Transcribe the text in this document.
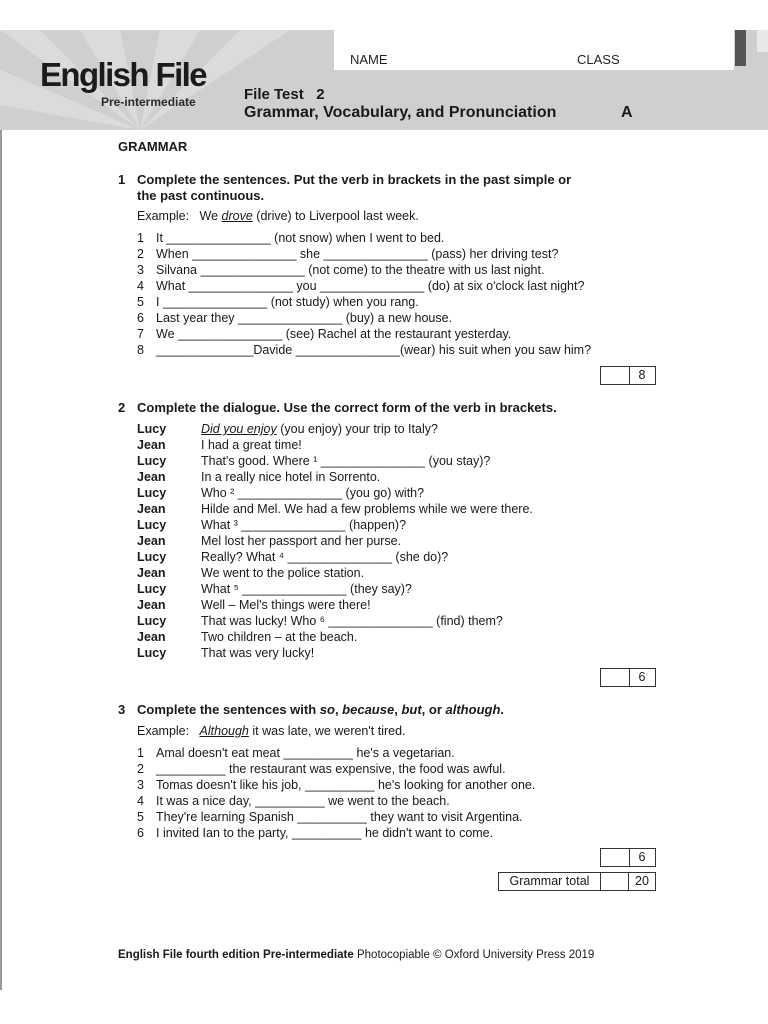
English File
Pre-intermediate
NAME	CLASS
File Test   2
Grammar, Vocabulary, and Pronunciation	A
GRAMMAR
1 Complete the sentences. Put the verb in brackets in the past simple or
the past continuous.
Example:   We drove (drive) to Liverpool last week.
1 It _______________ (not snow) when I went to bed.
2 When _______________ she _______________ (pass) her driving test?
3 Silvana _______________ (not come) to the theatre with us last night.
4 What _______________ you _______________ (do) at six o'clock last night?
5 I _______________ (not study) when you rang.
6 Last year they _______________ (buy) a new house.
7 We _______________ (see) Rachel at the restaurant yesterday.
8 ______________Davide _______________(wear) his suit when you saw him?
8
2 Complete the dialogue. Use the correct form of the verb in brackets.
Lucy	Did you enjoy (you enjoy) your trip to Italy?
Jean	I had a great time!
Lucy	That's good. Where ¹ _______________ (you stay)?
Jean	In a really nice hotel in Sorrento.
Lucy	Who ² _______________ (you go) with?
Jean	Hilde and Mel. We had a few problems while we were there.
Lucy	What ³ _______________ (happen)?
Jean	Mel lost her passport and her purse.
Lucy	Really? What ⁴ _______________ (she do)?
Jean	We went to the police station.
Lucy	What ⁵ _______________ (they say)?
Jean	Well – Mel's things were there!
Lucy	That was lucky! Who ⁶ _______________ (find) them?
Jean	Two children – at the beach.
Lucy	That was very lucky!
6
3 Complete the sentences with so, because, but, or although.
Example:   Although it was late, we weren't tired.
1 Amal doesn't eat meat __________ he's a vegetarian.
2 __________ the restaurant was expensive, the food was awful.
3 Tomas doesn't like his job, __________ he's looking for another one.
4 It was a nice day, __________ we went to the beach.
5 They're learning Spanish __________ they want to visit Argentina.
6 I invited Ian to the party, __________ he didn't want to come.
6
Grammar total	20
English File fourth edition Pre-intermediate Photocopiable © Oxford University Press 2019
